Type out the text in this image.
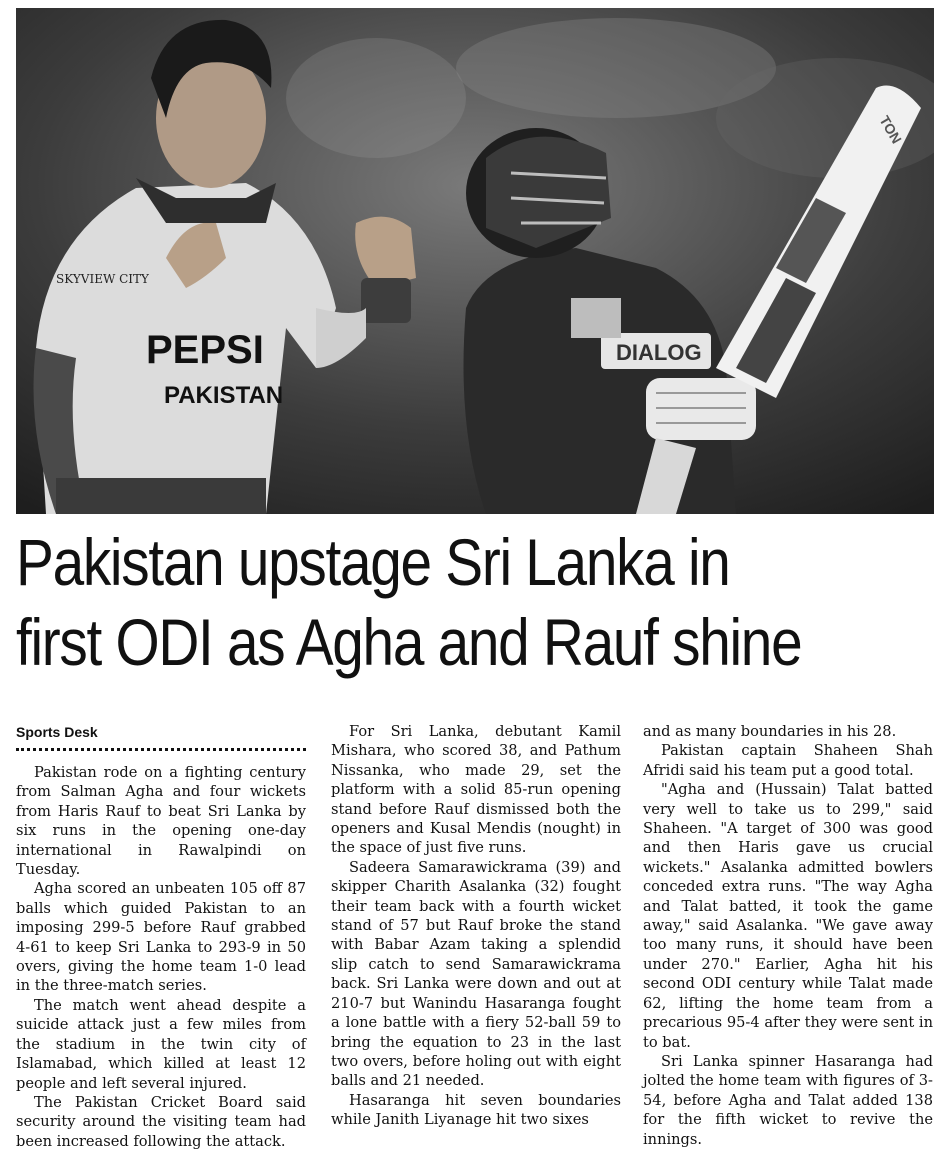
PEPSI
PAKISTAN
SKYVIEW CITY
DIALOG
TON
Pakistan upstage Sri Lanka in
first ODI as Agha and Rauf shine
Sports Desk

Pakistan rode on a fighting century from Salman Agha and four wickets from Haris Rauf to beat Sri Lanka by six runs in the opening one-day international in Rawalpindi on Tuesday.

Agha scored an unbeaten 105 off 87 balls which guided Pakistan to an imposing 299-5 before Rauf grabbed 4-61 to keep Sri Lanka to 293-9 in 50 overs, giving the home team 1-0 lead in the three-match series.

The match went ahead despite a suicide attack just a few miles from the stadium in the twin city of Islamabad, which killed at least 12 people and left several injured.

The Pakistan Cricket Board said security around the visiting team had been increased following the attack.

For Sri Lanka, debutant Kamil Mishara, who scored 38, and Pathum Nissanka, who made 29, set the platform with a solid 85-run opening stand before Rauf dismissed both the openers and Kusal Mendis (nought) in the space of just five runs.

Sadeera Samarawickrama (39) and skipper Charith Asalanka (32) fought their team back with a fourth wicket stand of 57 but Rauf broke the stand with Babar Azam taking a splendid slip catch to send Samarawickrama back. Sri Lanka were down and out at 210-7 but Wanindu Hasaranga fought a lone battle with a fiery 52-ball 59 to bring the equation to 23 in the last two overs, before holing out with eight balls and 21 needed.

Hasaranga hit seven boundaries while Janith Liyanage hit two sixes

and as many boundaries in his 28.

Pakistan captain Shaheen Shah Afridi said his team put a good total.

"Agha and (Hussain) Talat batted very well to take us to 299," said Shaheen. "A target of 300 was good and then Haris gave us crucial wickets." Asalanka admitted bowlers conceded extra runs. "The way Agha and Talat batted, it took the game away," said Asalanka. "We gave away too many runs, it should have been under 270." Earlier, Agha hit his second ODI century while Talat made 62, lifting the home team from a precarious 95-4 after they were sent in to bat.

Sri Lanka spinner Hasaranga had jolted the home team with figures of 3-54, before Agha and Talat added 138 for the fifth wicket to revive the innings.
